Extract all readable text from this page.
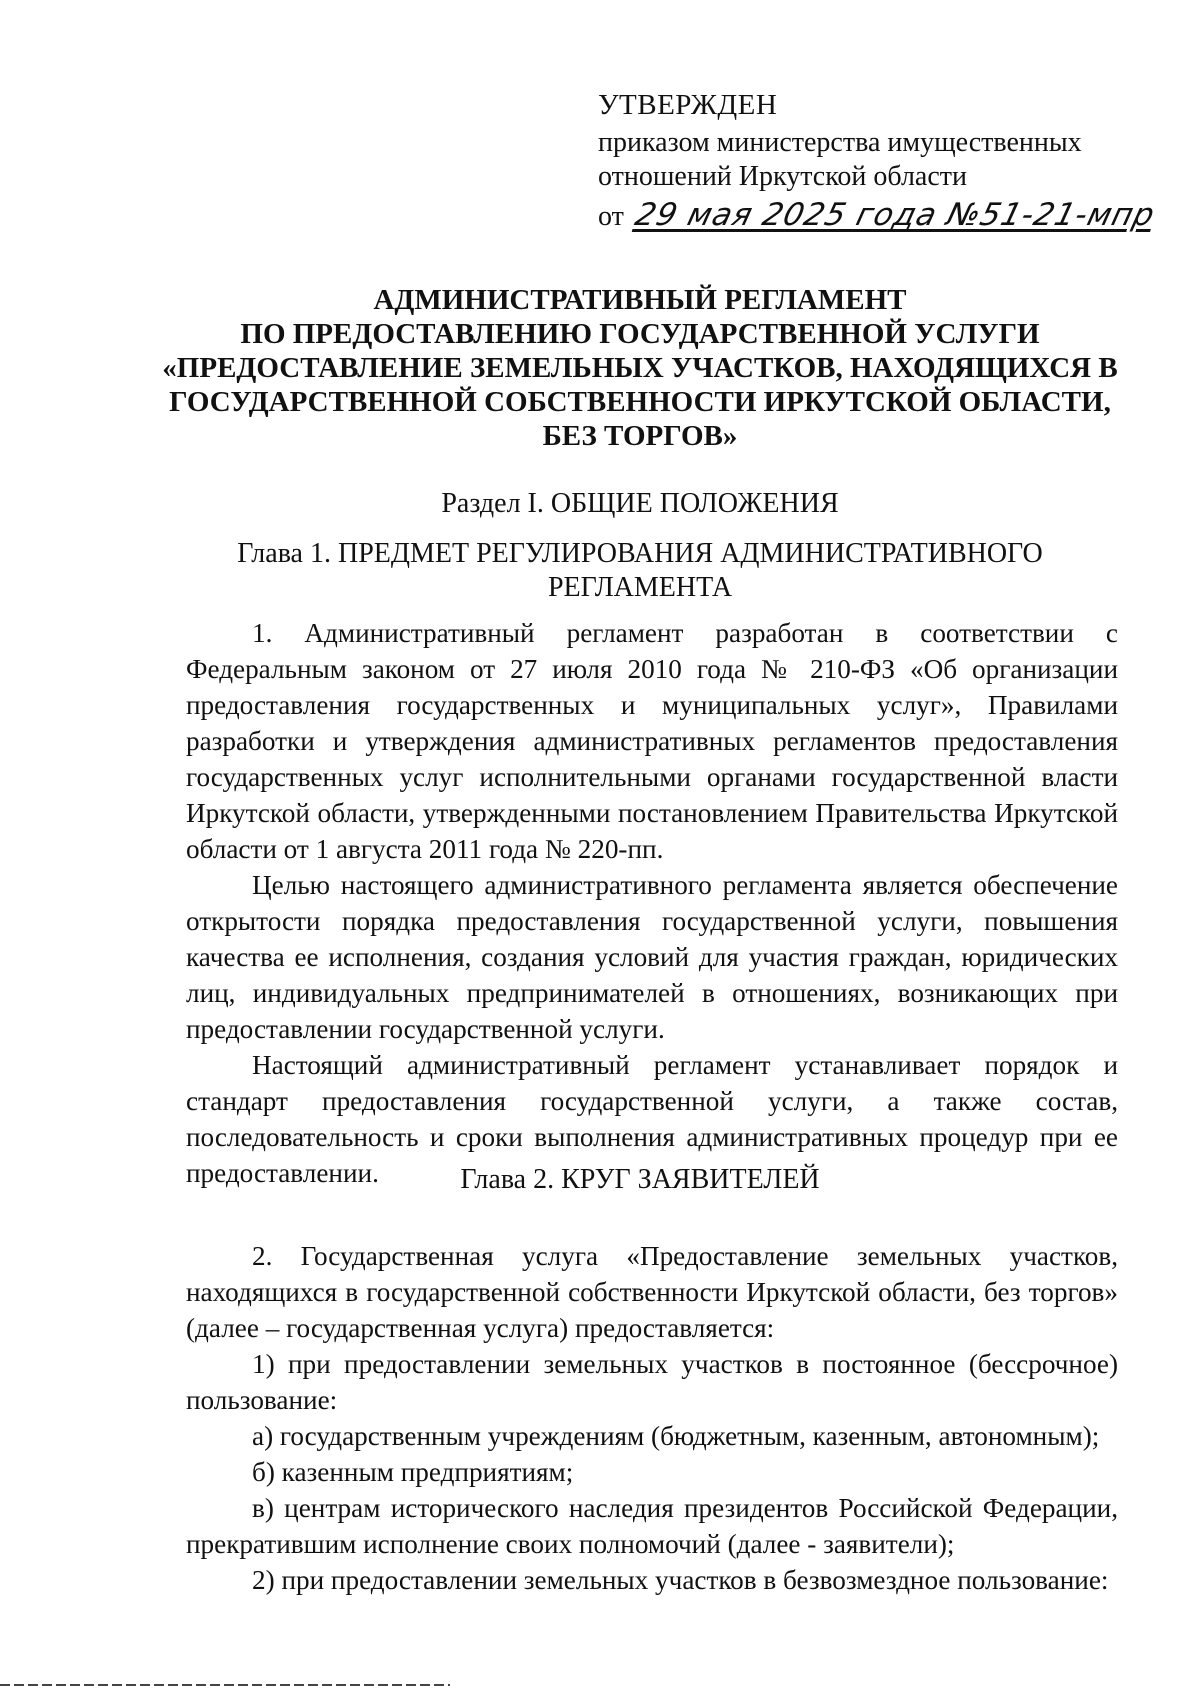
УТВЕРЖДЕН
приказом министерства имущественных
отношений Иркутской области
от 29 мая 2025 года №51-21-мпр
АДМИНИСТРАТИВНЫЙ РЕГЛАМЕНТ
ПО ПРЕДОСТАВЛЕНИЮ ГОСУДАРСТВЕННОЙ УСЛУГИ
«ПРЕДОСТАВЛЕНИЕ ЗЕМЕЛЬНЫХ УЧАСТКОВ, НАХОДЯЩИХСЯ В
ГОСУДАРСТВЕННОЙ СОБСТВЕННОСТИ ИРКУТСКОЙ ОБЛАСТИ,
БЕЗ ТОРГОВ»
Раздел I. ОБЩИЕ ПОЛОЖЕНИЯ
Глава 1. ПРЕДМЕТ РЕГУЛИРОВАНИЯ АДМИНИСТРАТИВНОГО
РЕГЛАМЕНТА

1. Административный регламент разработан в соответствии с Федеральным законом от 27 июля 2010 года № 210-ФЗ «Об организации предоставления государственных и муниципальных услуг», Правилами разработки и утверждения административных регламентов предоставления государственных услуг исполнительными органами государственной власти Иркутской области, утвержденными постановлением Правительства Иркутской области от 1 августа 2011 года № 220-пп.

Целью настоящего административного регламента является обеспечение открытости порядка предоставления государственной услуги, повышения качества ее исполнения, создания условий для участия граждан, юридических лиц, индивидуальных предпринимателей в отношениях, возникающих при предоставлении государственной услуги.

Настоящий административный регламент устанавливает порядок и стандарт предоставления государственной услуги, а также состав, последовательность и сроки выполнения административных процедур при ее предоставлении.	Глава 2. КРУГ ЗАЯВИТЕЛЕЙ

2. Государственная услуга «Предоставление земельных участков, находящихся в государственной собственности Иркутской области, без торгов» (далее – государственная услуга) предоставляется:

1) при предоставлении земельных участков в постоянное (бессрочное) пользование:

а) государственным учреждениям (бюджетным, казенным, автономным);

б) казенным предприятиям;

в) центрам исторического наследия президентов Российской Федерации, прекратившим исполнение своих полномочий (далее - заявители);

2) при предоставлении земельных участков в безвозмездное пользование:
